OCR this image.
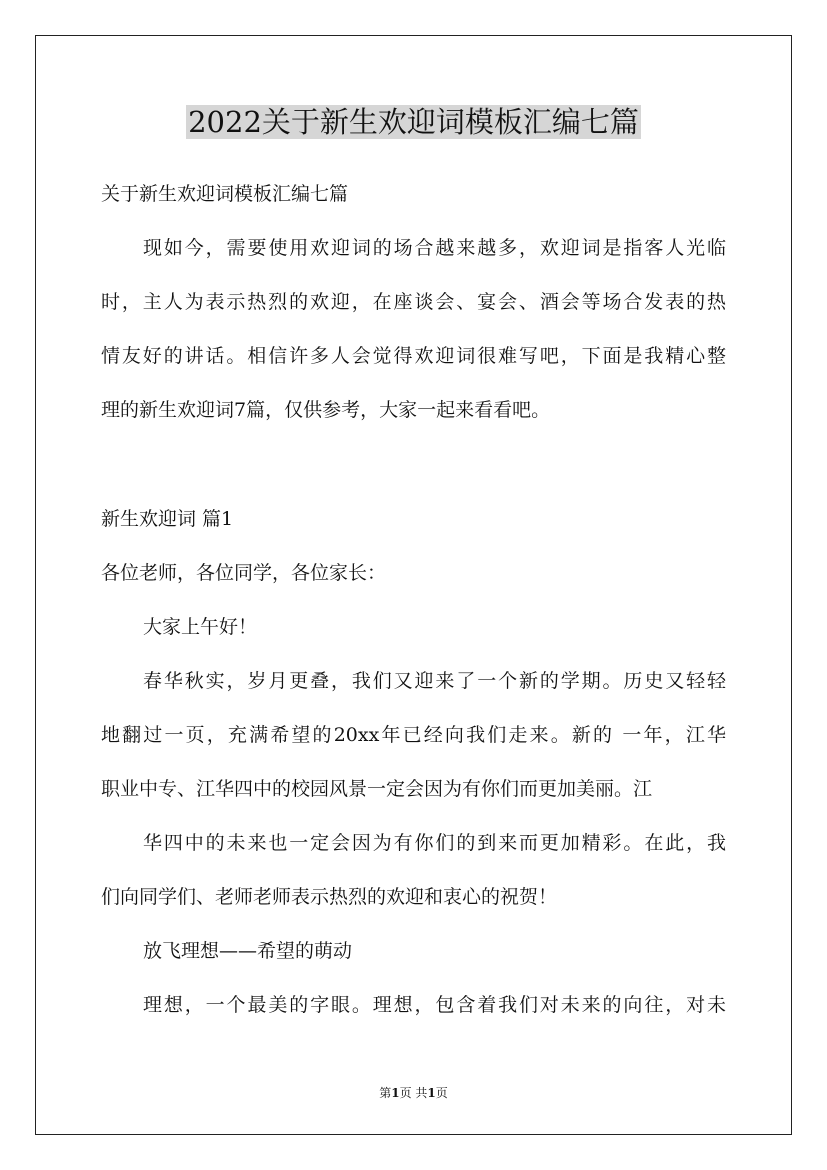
2022关于新生欢迎词模板汇编七篇

关于新生欢迎词模板汇编七篇

现如今，需要使用欢迎词的场合越来越多，欢迎词是指客人光临

时，主人为表示热烈的欢迎，在座谈会、宴会、酒会等场合发表的热

情友好的讲话。相信许多人会觉得欢迎词很难写吧，下面是我精心整

理的新生欢迎词7篇，仅供参考，大家一起来看看吧。

新生欢迎词 篇1

各位老师，各位同学，各位家长：

大家上午好！

春华秋实，岁月更叠，我们又迎来了一个新的学期。历史又轻轻

地翻过一页，充满希望的20xx年已经向我们走来。新的 一年，江华

职业中专、江华四中的校园风景一定会因为有你们而更加美丽。江

华四中的未来也一定会因为有你们的到来而更加精彩。在此，我

们向同学们、老师老师表示热烈的欢迎和衷心的祝贺！

放飞理想——希望的萌动

理想，一个最美的字眼。理想，包含着我们对未来的向往，对未

第1页 共1页
